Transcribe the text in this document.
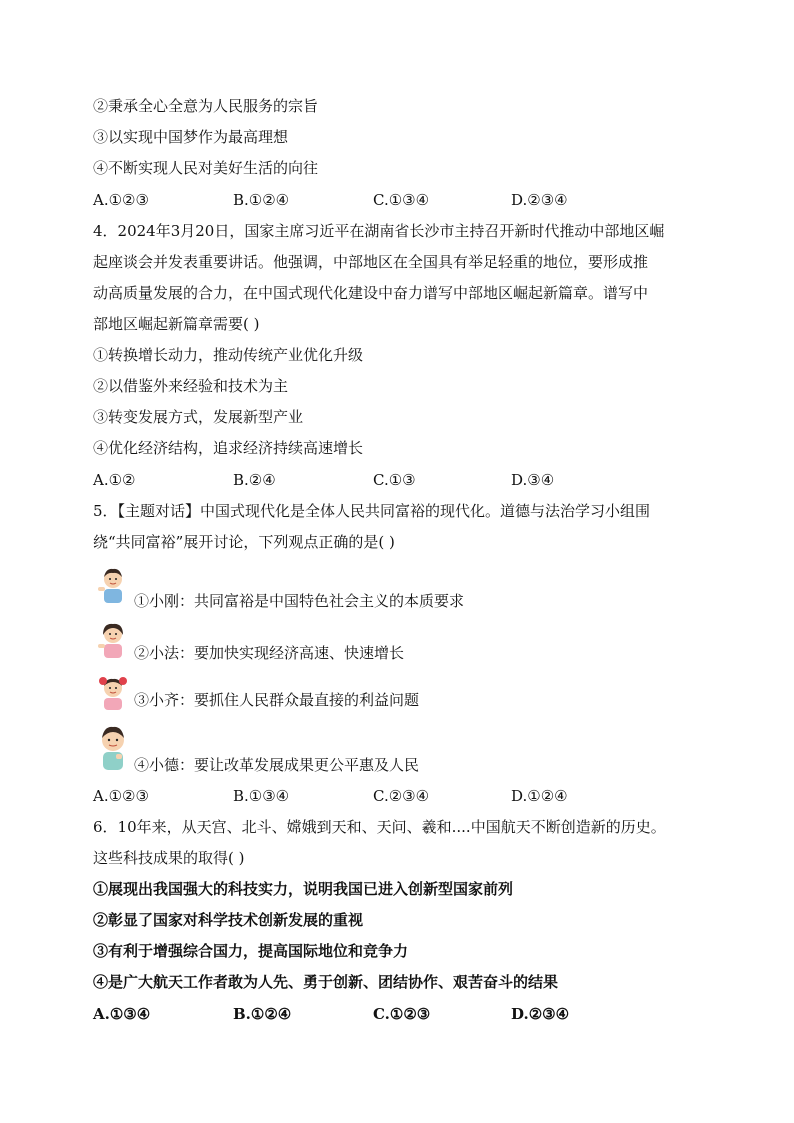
②秉承全心全意为人民服务的宗旨
③以实现中国梦作为最高理想
④不断实现人民对美好生活的向往
A.①②③	B.①②④	C.①③④	D.②③④
4．2024年3月20日，国家主席习近平在湖南省长沙市主持召开新时代推动中部地区崛
起座谈会并发表重要讲话。他强调，中部地区在全国具有举足轻重的地位，要形成推
动高质量发展的合力，在中国式现代化建设中奋力谱写中部地区崛起新篇章。谱写中
部地区崛起新篇章需要( )
①转换增长动力，推动传统产业优化升级
②以借鉴外来经验和技术为主
③转变发展方式，发展新型产业
④优化经济结构，追求经济持续高速增长
A.①②	B.②④	C.①③	D.③④
5．【主题对话】中国式现代化是全体人民共同富裕的现代化。道德与法治学习小组围
绕“共同富裕”展开讨论，下列观点正确的是( )
①小刚：共同富裕是中国特色社会主义的本质要求
②小法：要加快实现经济高速、快速增长
③小齐：要抓住人民群众最直接的利益问题
④小德：要让改革发展成果更公平惠及人民
A.①②③	B.①③④	C.②③④	D.①②④
6．10年来，从天宫、北斗、嫦娥到天和、天问、羲和....中国航天不断创造新的历史。
这些科技成果的取得( )
①展现出我国强大的科技实力，说明我国已进入创新型国家前列
②彰显了国家对科学技术创新发展的重视
③有利于增强综合国力，提高国际地位和竞争力
④是广大航天工作者敢为人先、勇于创新、团结协作、艰苦奋斗的结果
A.①③④	B.①②④	C.①②③	D.②③④
